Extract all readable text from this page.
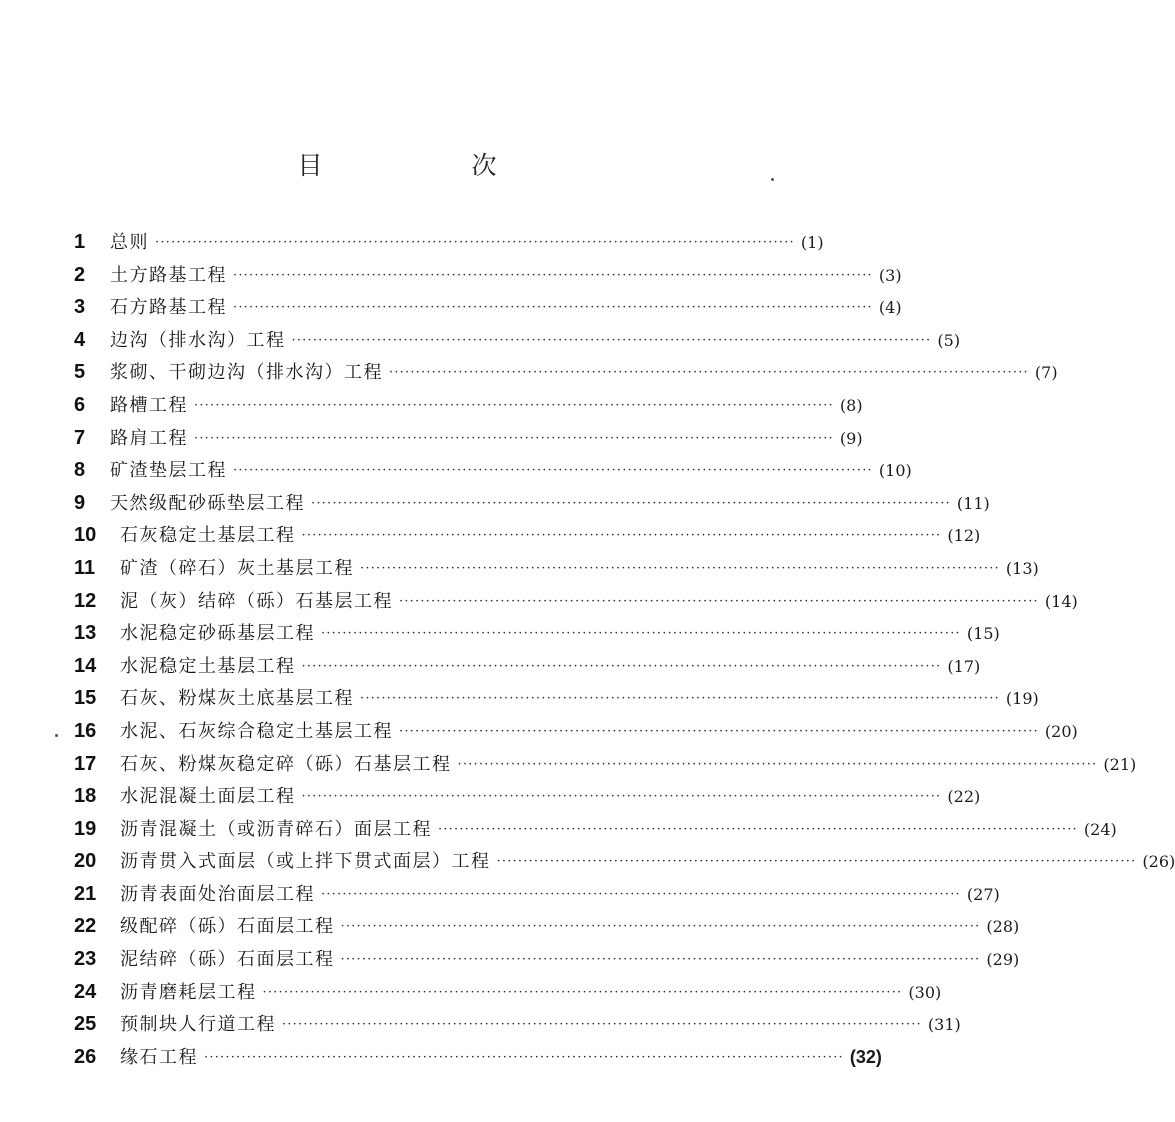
目　次
1	总则 ························································································································ (1)
2	土方路基工程 ························································································································ (3)
3	石方路基工程 ························································································································ (4)
4	边沟（排水沟）工程 ························································································································ (5)
5	浆砌、干砌边沟（排水沟）工程 ························································································································ (7)
6	路槽工程 ························································································································ (8)
7	路肩工程 ························································································································ (9)
8	矿渣垫层工程 ························································································································ (10)
9	天然级配砂砾垫层工程 ························································································································ (11)
10	石灰稳定土基层工程 ························································································································ (12)
11	矿渣（碎石）灰土基层工程 ························································································································ (13)
12	泥（灰）结碎（砾）石基层工程 ························································································································ (14)
13	水泥稳定砂砾基层工程 ························································································································ (15)
14	水泥稳定土基层工程 ························································································································ (17)
15	石灰、粉煤灰土底基层工程 ························································································································ (19)
16	水泥、石灰综合稳定土基层工程 ························································································································ (20)
17	石灰、粉煤灰稳定碎（砾）石基层工程 ························································································································ (21)
18	水泥混凝土面层工程 ························································································································ (22)
19	沥青混凝土（或沥青碎石）面层工程 ························································································································ (24)
20	沥青贯入式面层（或上拌下贯式面层）工程 ························································································································ (26)
21	沥青表面处治面层工程 ························································································································ (27)
22	级配碎（砾）石面层工程 ························································································································ (28)
23	泥结碎（砾）石面层工程 ························································································································ (29)
24	沥青磨耗层工程 ························································································································ (30)
25	预制块人行道工程 ························································································································ (31)
26	缘石工程 ························································································································ (32)
